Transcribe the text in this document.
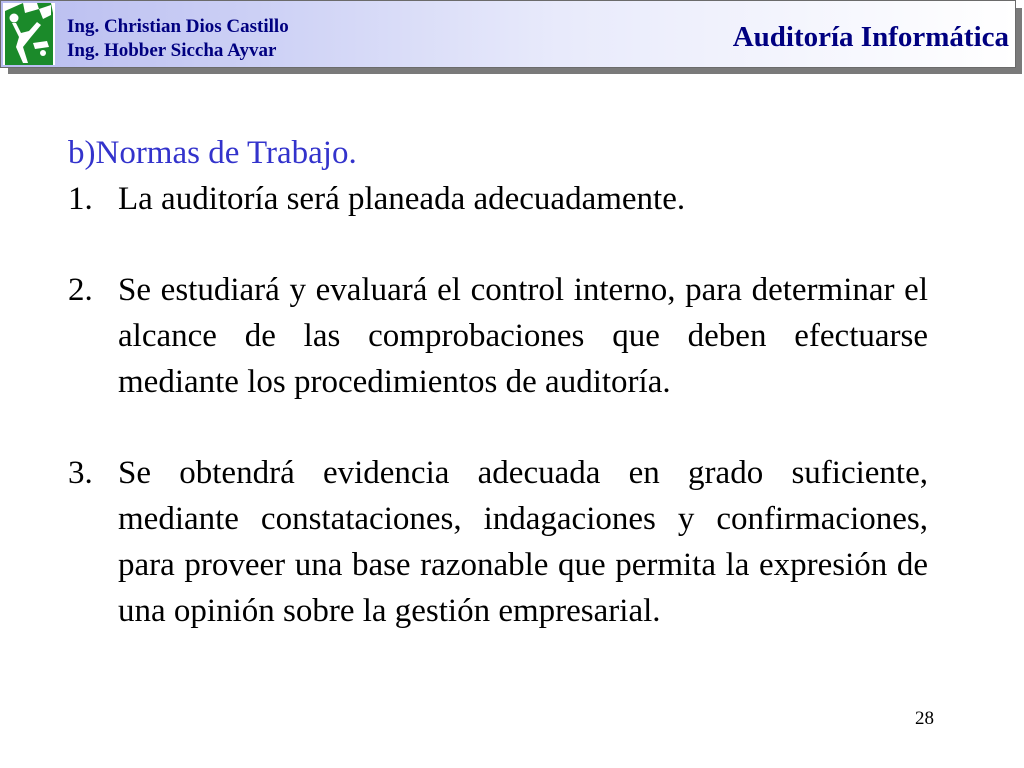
Ing. Christian Dios Castillo
Ing. Hobber Siccha Ayvar	Auditoría Informática

b)Normas de Trabajo.

1. La auditoría será planeada adecuadamente.
2. Se estudiará y evaluará el control interno, para determinar el alcance de las comprobaciones que deben efectuarse mediante los procedimientos de auditoría.
3. Se obtendrá evidencia adecuada en grado suficiente, mediante constataciones, indagaciones y confirmaciones, para proveer una base razonable que permita la expresión de una opinión sobre la gestión empresarial.
28
